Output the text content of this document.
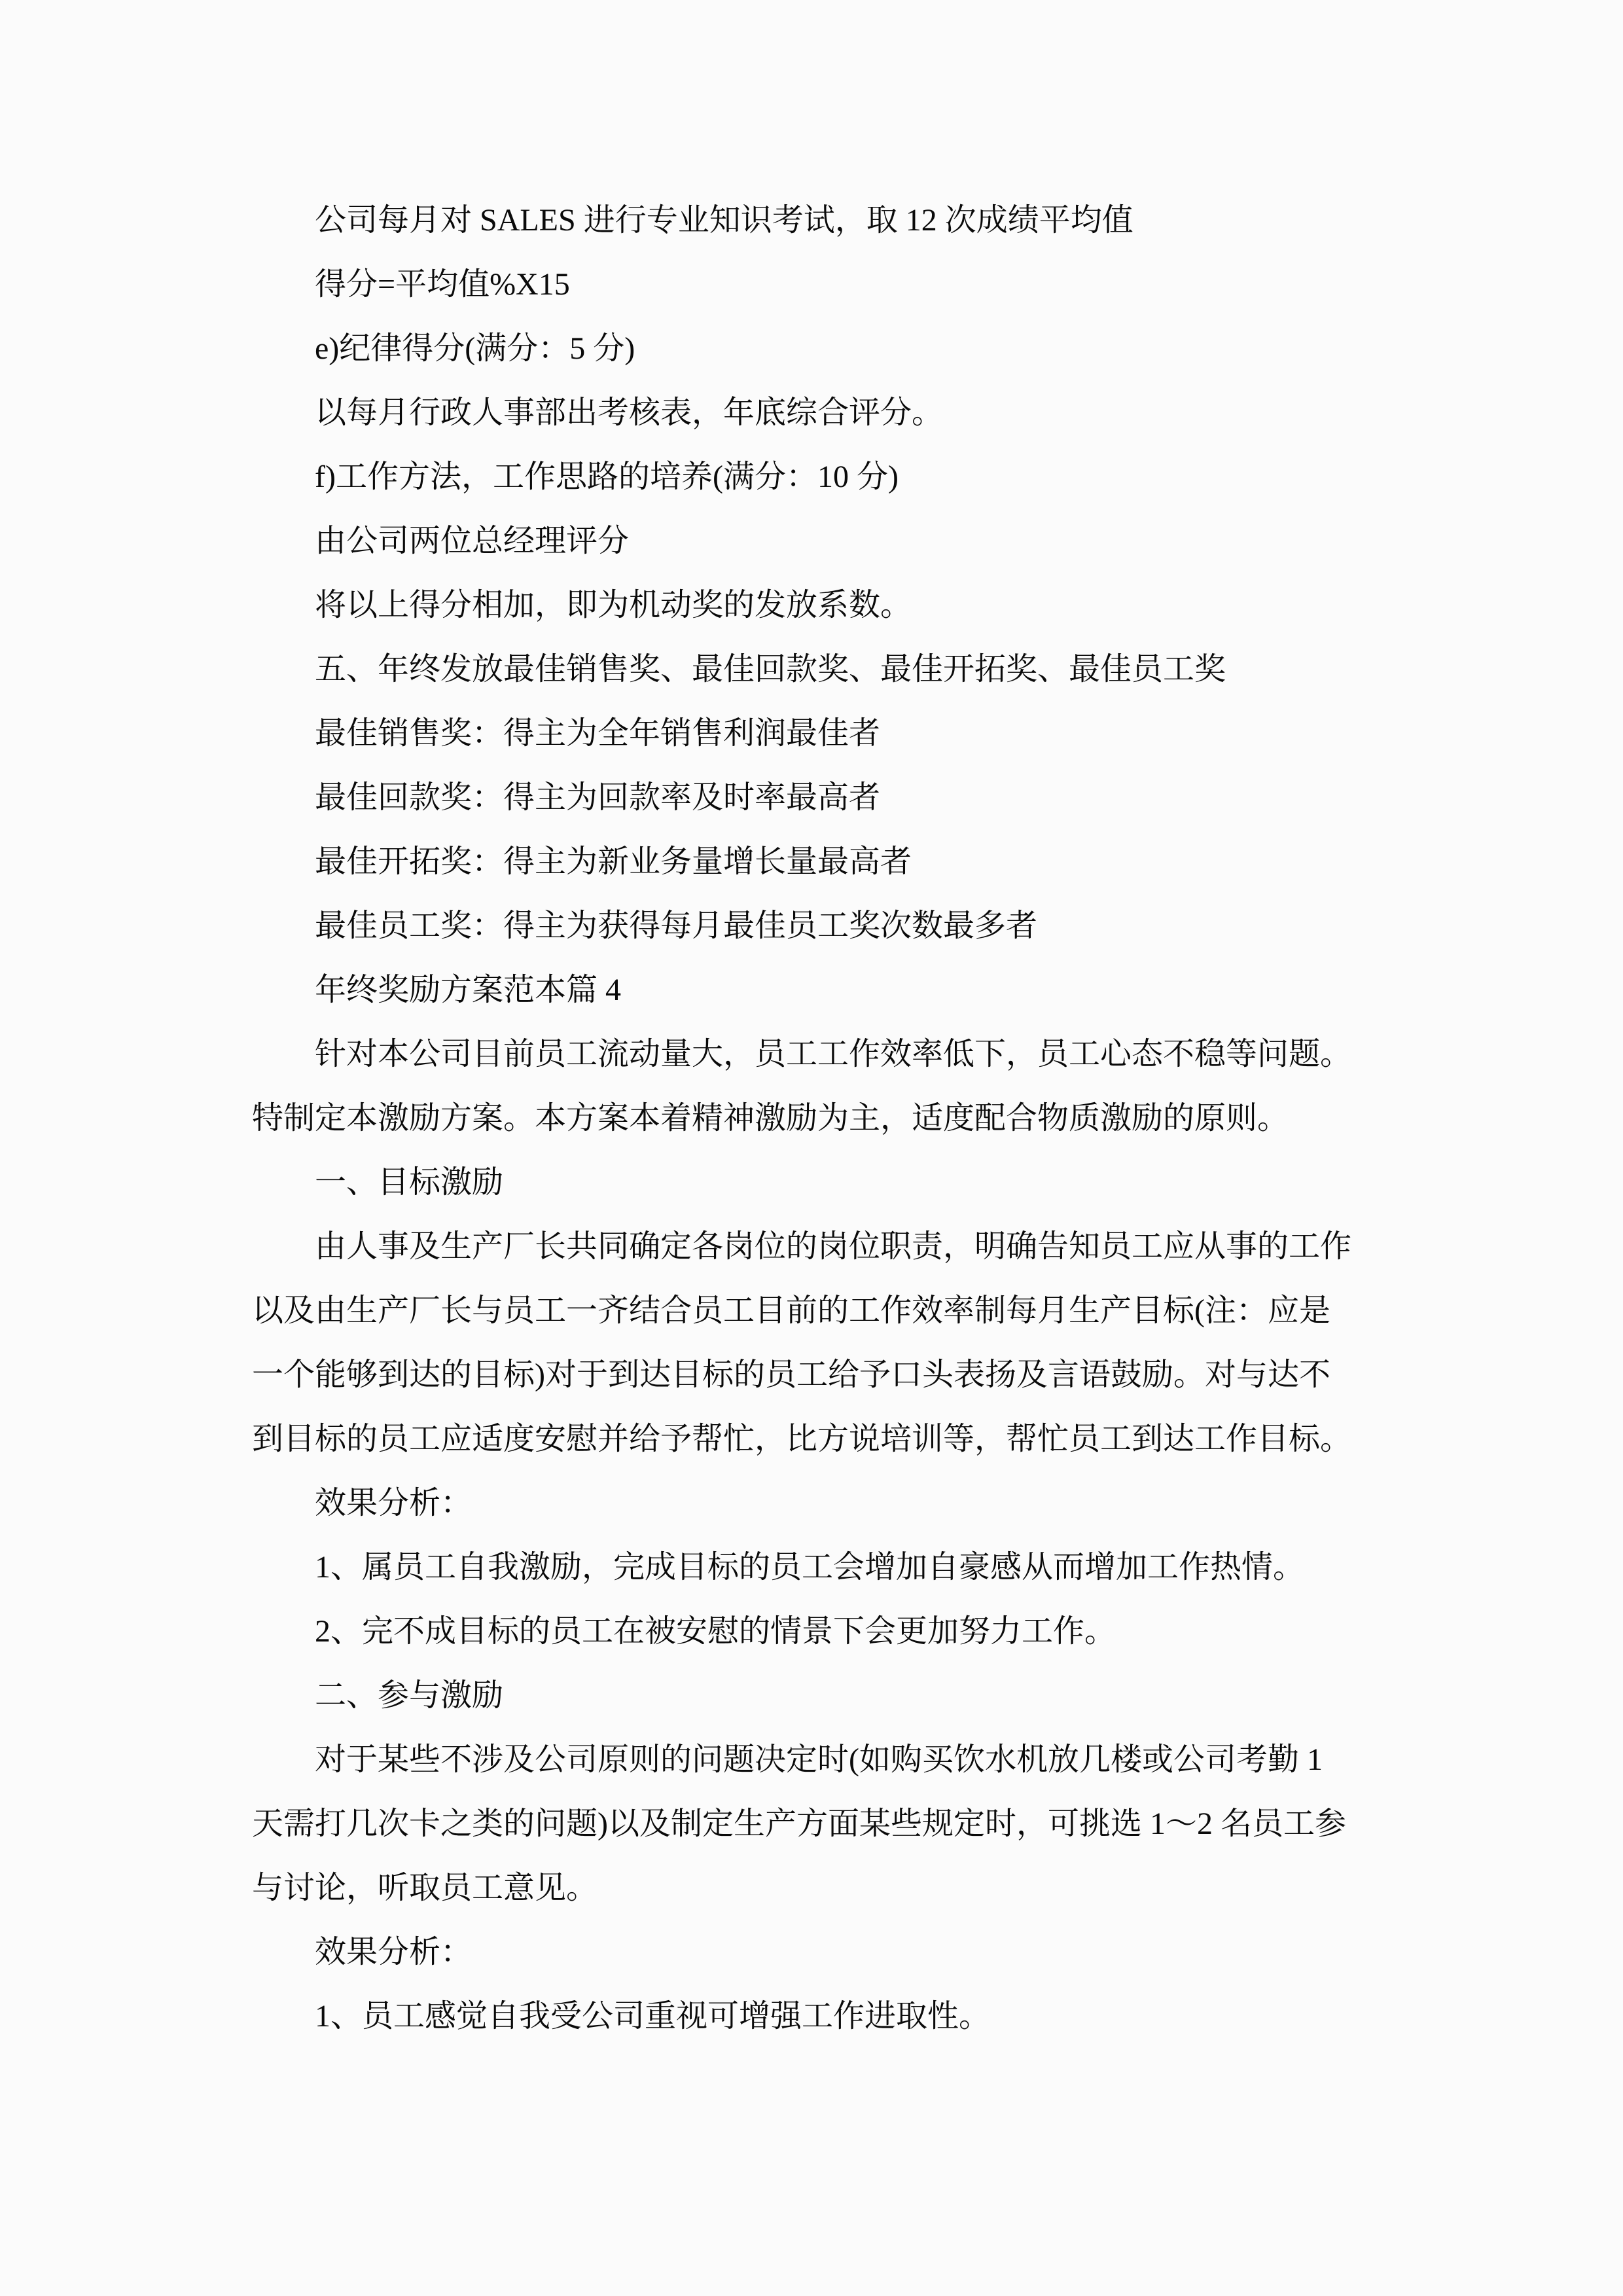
公司每月对 SALES 进行专业知识考试，取 12 次成绩平均值
得分=平均值%X15
e)纪律得分(满分：5 分)
以每月行政人事部出考核表，年底综合评分。
f)工作方法，工作思路的培养(满分：10 分)
由公司两位总经理评分
将以上得分相加，即为机动奖的发放系数。
五、年终发放最佳销售奖、最佳回款奖、最佳开拓奖、最佳员工奖
最佳销售奖：得主为全年销售利润最佳者
最佳回款奖：得主为回款率及时率最高者
最佳开拓奖：得主为新业务量增长量最高者
最佳员工奖：得主为获得每月最佳员工奖次数最多者
年终奖励方案范本篇 4
针对本公司目前员工流动量大，员工工作效率低下，员工心态不稳等问题。
特制定本激励方案。本方案本着精神激励为主，适度配合物质激励的原则。
一、目标激励
由人事及生产厂长共同确定各岗位的岗位职责，明确告知员工应从事的工作
以及由生产厂长与员工一齐结合员工目前的工作效率制每月生产目标(注：应是
一个能够到达的目标)对于到达目标的员工给予口头表扬及言语鼓励。对与达不
到目标的员工应适度安慰并给予帮忙，比方说培训等，帮忙员工到达工作目标。
效果分析：
1、属员工自我激励，完成目标的员工会增加自豪感从而增加工作热情。
2、完不成目标的员工在被安慰的情景下会更加努力工作。
二、参与激励
对于某些不涉及公司原则的问题决定时(如购买饮水机放几楼或公司考勤 1
天需打几次卡之类的问题)以及制定生产方面某些规定时，可挑选 1～2 名员工参
与讨论，听取员工意见。
效果分析：
1、员工感觉自我受公司重视可增强工作进取性。
